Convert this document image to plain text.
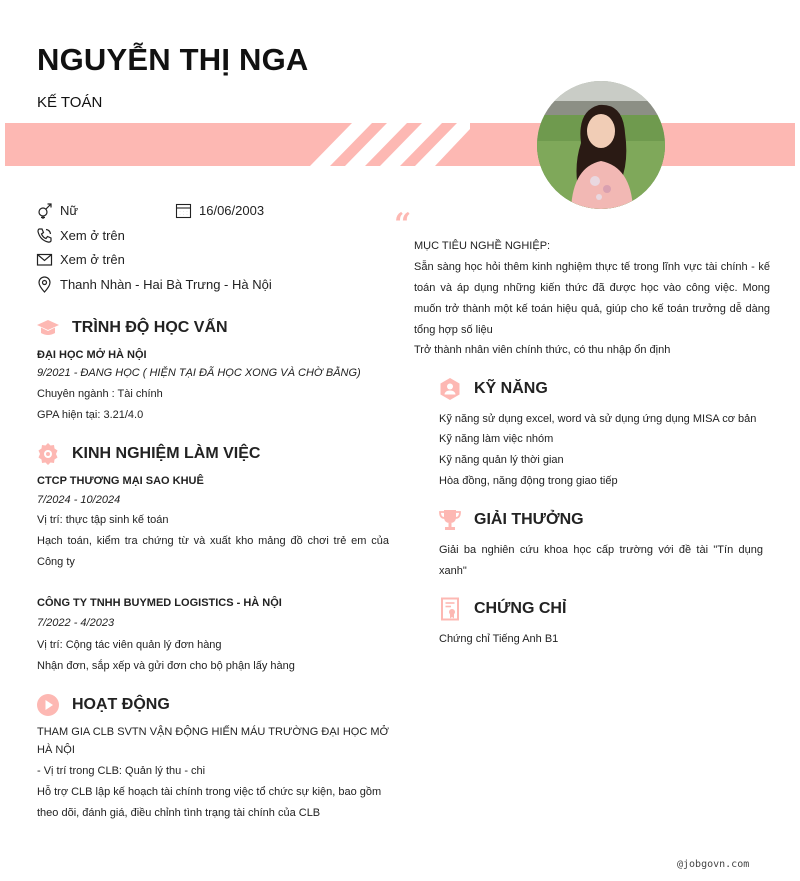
NGUYỄN THỊ NGA
KẾ TOÁN
Nữ	16/06/2003
Xem ở trên
Xem ở trên
Thanh Nhàn - Hai Bà Trưng - Hà Nội
TRÌNH ĐỘ HỌC VẤN
ĐẠI HỌC MỞ HÀ NỘI
9/2021 - ĐANG HỌC ( HIỆN TẠI ĐÃ HỌC XONG VÀ CHỜ BẰNG)
Chuyên ngành : Tài chính
GPA hiện tại: 3.21/4.0
KINH NGHIỆM LÀM VIỆC
CTCP THƯƠNG MẠI SAO KHUÊ
7/2024 - 10/2024
Vị trí: thực tập sinh kế toán
Hạch toán, kiểm tra chứng từ và xuất kho mảng đồ chơi trẻ em của Công ty
CÔNG TY TNHH BUYMED LOGISTICS - HÀ NỘI
7/2022 - 4/2023
Vị trí: Cộng tác viên quản lý đơn hàng
Nhận đơn, sắp xếp và gửi đơn cho bộ phận lấy hàng
HOẠT ĐỘNG
THAM GIA CLB SVTN VẬN ĐỘNG HIẾN MÁU TRƯỜNG ĐẠI HỌC MỞ HÀ NỘI
- Vị trí trong CLB: Quản lý thu - chi
Hỗ trợ CLB lập kế hoạch tài chính trong việc tổ chức sự kiện, bao gồm theo dõi, đánh giá, điều chỉnh tình trạng tài chính của CLB
“
MỤC TIÊU NGHỀ NGHIỆP:
Sẵn sàng học hỏi thêm kinh nghiệm thực tế trong lĩnh vực tài chính - kế toán và áp dụng những kiến thức đã được học vào công việc. Mong muốn trở thành một kế toán hiệu quả, giúp cho kế toán trưởng dễ dàng tổng hợp số liệu
Trở thành nhân viên chính thức, có thu nhập ổn định
KỸ NĂNG
Kỹ năng sử dụng excel, word và sử dụng ứng dụng MISA cơ bản
Kỹ năng làm việc nhóm
Kỹ năng quản lý thời gian
Hòa đồng, năng động trong giao tiếp
GIẢI THƯỞNG
Giải ba nghiên cứu khoa học cấp trường với đề tài "Tín dụng xanh"
CHỨNG CHỈ
Chứng chỉ Tiếng Anh B1
@jobgovn.com
